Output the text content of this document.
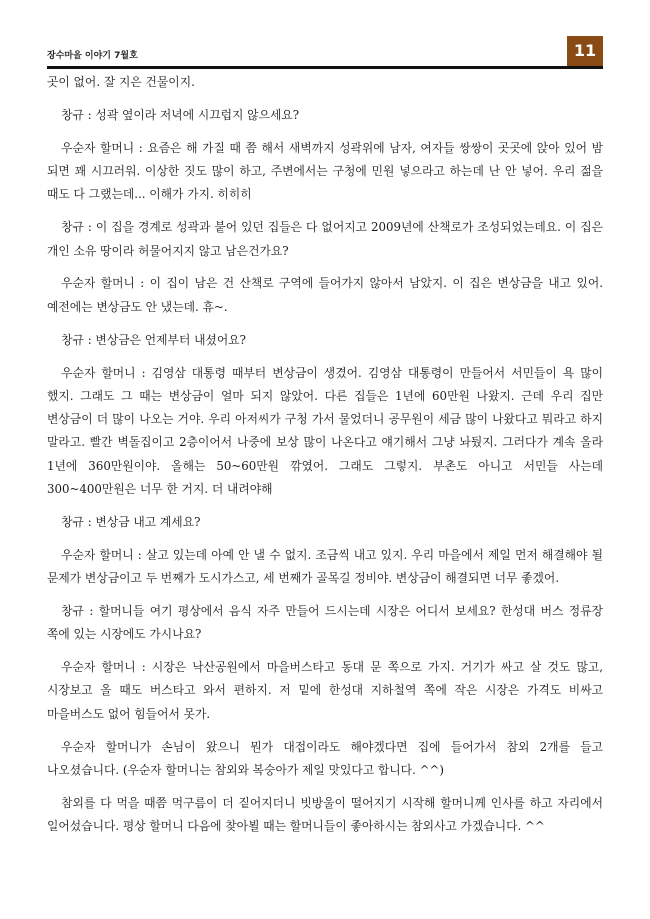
장수마을 이야기 7월호	11

곳이 없어. 잘 지은 건물이지.

창규 : 성곽 옆이라 저녁에 시끄럽지 않으세요?

우순자 할머니 : 요즘은 해 가질 때 쯤 해서 새벽까지 성곽위에 남자, 여자들 쌍쌍이 곳곳에 앉아 있어 밤 되면 꽤 시끄러워. 이상한 짓도 많이 하고, 주변에서는 구청에 민원 넣으라고 하는데 난 안 넣어. 우리 젊을 때도 다 그랬는데... 이해가 가지. 히히히

창규 : 이 집을 경계로 성곽과 붙어 있던 집들은 다 없어지고 2009년에 산책로가 조성되었는데요. 이 집은 개인 소유 땅이라 허물어지지 않고 남은건가요?

우순자 할머니 : 이 집이 남은 건 산책로 구역에 들어가지 않아서 남았지. 이 집은 변상금을 내고 있어. 예전에는 변상금도 안 냈는데. 휴~.

창규 : 변상금은 언제부터 내셨어요?

우순자 할머니 : 김영삼 대통령 때부터 변상금이 생겼어. 김영삼 대통령이 만들어서 서민들이 욕 많이 했지. 그래도 그 때는 변상금이 얼마 되지 않았어. 다른 집들은 1년에 60만원 나왔지. 근데 우리 집만 변상금이 더 많이 나오는 거야. 우리 아저씨가 구청 가서 물었더니 공무원이 세금 많이 나왔다고 뭐라고 하지 말라고. 빨간 벽돌집이고 2층이어서 나중에 보상 많이 나온다고 얘기해서 그냥 놔뒀지. 그러다가 계속 올라 1년에 360만원이야. 올해는 50~60만원 깎였어. 그래도 그렇지. 부촌도 아니고 서민들 사는데 300~400만원은 너무 한 거지. 더 내려야해

창규 : 변상금 내고 계세요?

우순자 할머니 : 살고 있는데 아예 안 낼 수 없지. 조금씩 내고 있지. 우리 마을에서 제일 먼저 해결해야 될 문제가 변상금이고 두 번째가 도시가스고, 세 번째가 골목길 정비야. 변상금이 해결되면 너무 좋겠어.

창규 : 할머니들 여기 평상에서 음식 자주 만들어 드시는데 시장은 어디서 보세요? 한성대 버스 정류장 쪽에 있는 시장에도 가시나요?

우순자 할머니 : 시장은 낙산공원에서 마을버스타고 동대 문 쪽으로 가지. 거기가 싸고 살 것도 많고, 시장보고 올 때도 버스타고 와서 편하지. 저 밑에 한성대 지하철역 쪽에 작은 시장은 가격도 비싸고 마을버스도 없어 힘들어서 못가.

우순자 할머니가 손님이 왔으니 뭔가 대접이라도 해야겠다면 집에 들어가서 참외 2개를 들고 나오셨습니다. (우순자 할머니는 참외와 복숭아가 제일 맛있다고 합니다. ^^)

참외를 다 먹을 때쯤 먹구름이 더 짙어지더니 빗방울이 떨어지기 시작해 할머니께 인사를 하고 자리에서 일어섰습니다. 평상 할머니 다음에 찾아뵐 때는 할머니들이 좋아하시는 참외사고 가겠습니다. ^^
